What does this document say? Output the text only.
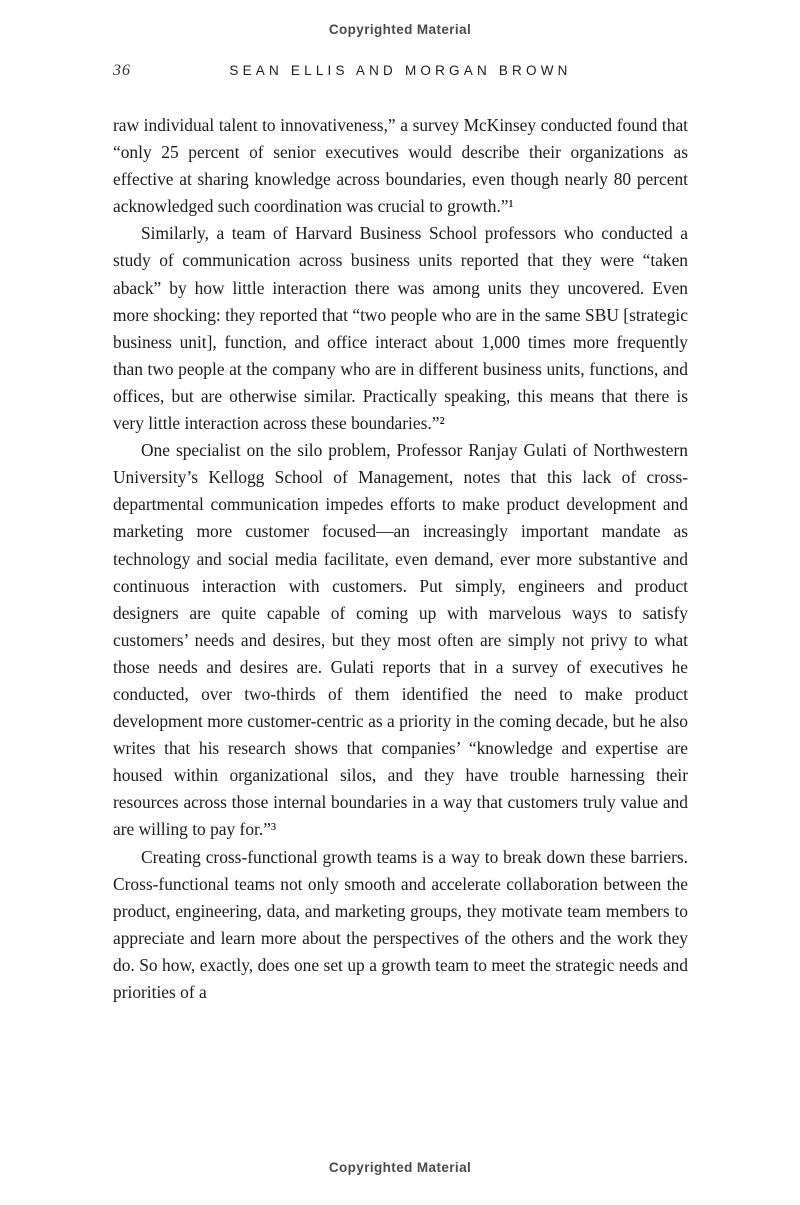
Copyrighted Material
36	SEAN ELLIS AND MORGAN BROWN

raw individual talent to innovativeness,” a survey McKinsey conducted found that “only 25 percent of senior executives would describe their organizations as effective at sharing knowledge across boundaries, even though nearly 80 percent acknowledged such coordination was crucial to growth.”¹

Similarly, a team of Harvard Business School professors who conducted a study of communication across business units reported that they were “taken aback” by how little interaction there was among units they uncovered. Even more shocking: they reported that “two people who are in the same SBU [strategic business unit], function, and office interact about 1,000 times more frequently than two people at the company who are in different business units, functions, and offices, but are otherwise similar. Practically speaking, this means that there is very little interaction across these boundaries.”²

One specialist on the silo problem, Professor Ranjay Gulati of Northwestern University’s Kellogg School of Management, notes that this lack of cross-departmental communication impedes efforts to make product development and marketing more customer focused—an increasingly important mandate as technology and social media facilitate, even demand, ever more substantive and continuous interaction with customers. Put simply, engineers and product designers are quite capable of coming up with marvelous ways to satisfy customers’ needs and desires, but they most often are simply not privy to what those needs and desires are. Gulati reports that in a survey of executives he conducted, over two-thirds of them identified the need to make product development more customer-centric as a priority in the coming decade, but he also writes that his research shows that companies’ “knowledge and expertise are housed within organizational silos, and they have trouble harnessing their resources across those internal boundaries in a way that customers truly value and are willing to pay for.”³

Creating cross-functional growth teams is a way to break down these barriers. Cross-functional teams not only smooth and accelerate collaboration between the product, engineering, data, and marketing groups, they motivate team members to appreciate and learn more about the perspectives of the others and the work they do. So how, exactly, does one set up a growth team to meet the strategic needs and priorities of a

Copyrighted Material
